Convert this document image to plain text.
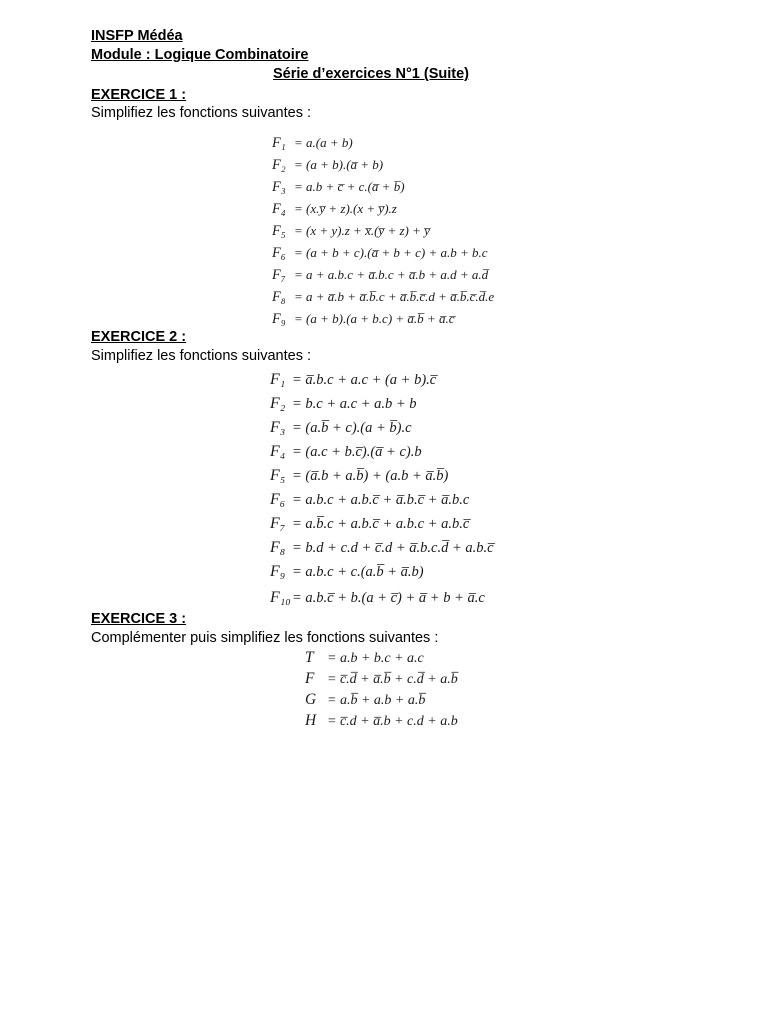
INSFP Médéa
Module : Logique Combinatoire
Série d’exercices N°1 (Suite)
EXERCICE 1 :
Simplifiez les fonctions suivantes :
F₁ = a.(a + b)
F₂ = (a + b).(a̅ + b)
F₃ = a.b + c̅ + c.(a̅ + b̅)
F₄ = (x.y̅ + z).(x + y̅).z
F₅ = (x + y).z + x̅.(y̅ + z) + y̅
F₆ = (a + b + c).(a̅ + b + c) + a.b + b.c
F₇ = a + a.b.c + a̅.b.c + a̅.b + a.d + a.d̅
F₈ = a + a̅.b + a̅.b̅.c + a̅.b̅.c̅.d + a̅.b̅.c̅.d̅.e
F₉ = (a + b).(a + b.c) + a̅.b̅ + a̅.c̅
EXERCICE 2 :
Simplifiez les fonctions suivantes :
F₁ = a̅.b.c + a.c + (a + b).c̅
F₂ = b.c + a.c + a.b + b
F₃ = (a.b̅ + c).(a + b̅).c
F₄ = (a.c + b.c̅).(a̅ + c).b
F₅ = (a̅.b + a.b̅) + (a.b + a̅.b̅)
F₆ = a.b.c + a.b.c̅ + a̅.b.c̅ + a̅.b.c
F₇ = a.b̅.c + a.b.c̅ + a.b.c + a.b.c̅
F₈ = b.d + c.d + c̅.d + a̅.b.c.d̅ + a.b.c̅
F₉ = a.b.c + c.(a.b̅ + a̅.b)
F₁₀= a.b.c̅ + b.(a + c̅) + a̅ + b + a̅.c
EXERCICE 3 :
Complémenter puis simplifiez les fonctions suivantes :
T = a.b + b.c + a.c
F = c̅.d̅ + a̅.b̅ + c.d̅ + a.b̅
G = a.b̅ + a.b + a.b̅
H = c̅.d + a̅.b + c.d + a.b
